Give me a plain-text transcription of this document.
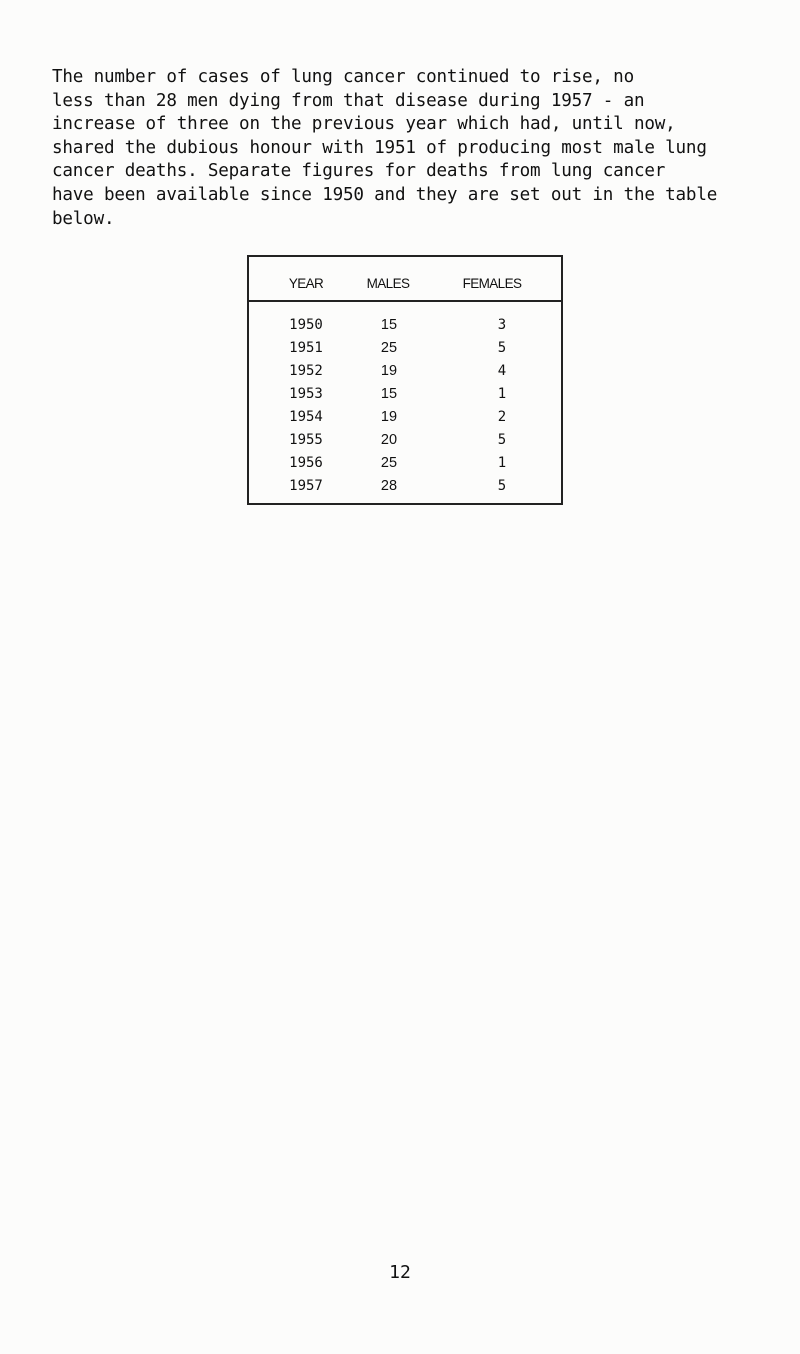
The number of cases of lung cancer continued to rise, no
less than 28 men dying from that disease during 1957 - an
increase of three on the previous year which had, until now,
shared the dubious honour with 1951 of producing most male lung
cancer deaths. Separate figures for deaths from lung cancer
have been available since 1950 and they are set out in the table
below.
YEAR	MALES	FEMALES
1950	15	3
1951	25	5
1952	19	4
1953	15	1
1954	19	2
1955	20	5
1956	25	1
1957	28	5
12
